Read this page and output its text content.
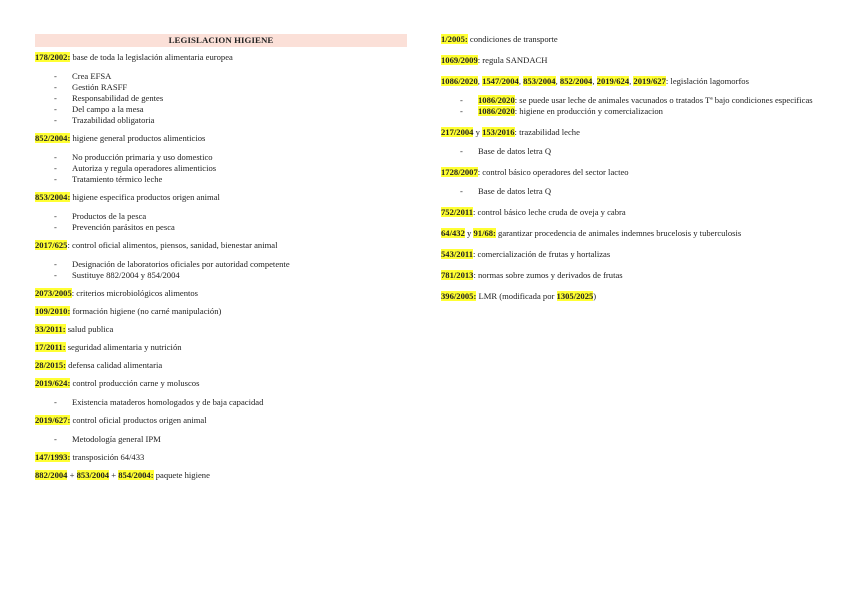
LEGISLACION HIGIENE

178/2002: base de toda la legislación alimentaria europea

- Crea EFSA
- Gestión RASFF
- Responsabilidad de gentes
- Del campo a la mesa
- Trazabilidad obligatoria

852/2004: higiene general productos alimenticios

- No producción primaria y uso domestico
- Autoriza y regula operadores alimenticios
- Tratamiento térmico leche

853/2004: higiene especifica productos origen animal

- Productos de la pesca
- Prevención parásitos en pesca

2017/625: control oficial alimentos, piensos, sanidad, bienestar animal

- Designación de laboratorios oficiales por autoridad competente
- Sustituye 882/2004 y 854/2004

2073/2005: criterios microbiológicos alimentos

109/2010: formación higiene (no carné manipulación)

33/2011: salud publica

17/2011: seguridad alimentaria y nutrición

28/2015: defensa calidad alimentaria

2019/624: control producción carne y moluscos

- Existencia mataderos homologados y de baja capacidad

2019/627: control oficial productos origen animal

- Metodología general IPM

147/1993: transposición 64/433

882/2004 + 853/2004 + 854/2004: paquete higiene

1/2005: condiciones de transporte

1069/2009: regula SANDACH

1086/2020, 1547/2004, 853/2004, 852/2004, 2019/624, 2019/627: legislación lagomorfos

- 1086/2020: se puede usar leche de animales vacunados o tratados Tª bajo condiciones especificas
- 1086/2020: higiene en producción y comercializacion

217/2004 y 153/2016: trazabilidad leche

- Base de datos letra Q

1728/2007: control básico operadores del sector lacteo

- Base de datos letra Q

752/2011: control básico leche cruda de oveja y cabra

64/432 y 91/68: garantizar procedencia de animales indemnes brucelosis y tuberculosis

543/2011: comercialización de frutas y hortalizas

781/2013: normas sobre zumos y derivados de frutas

396/2005: LMR (modificada por 1305/2025)
